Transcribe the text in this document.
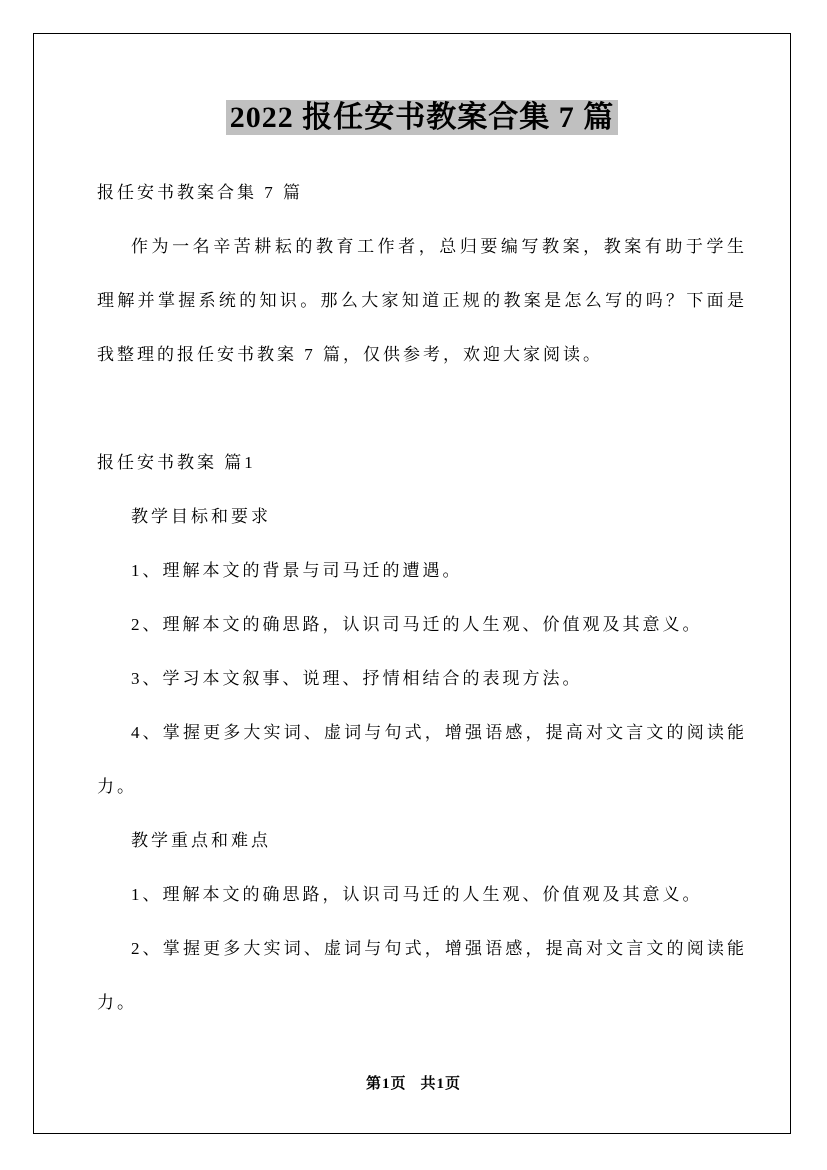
2022 报任安书教案合集 7 篇

报任安书教案合集 7 篇

作为一名辛苦耕耘的教育工作者，总归要编写教案，教案有助于学生理解并掌握系统的知识。那么大家知道正规的教案是怎么写的吗？下面是我整理的报任安书教案 7 篇，仅供参考，欢迎大家阅读。

报任安书教案 篇1

教学目标和要求

1、理解本文的背景与司马迁的遭遇。

2、理解本文的确思路，认识司马迁的人生观、价值观及其意义。

3、学习本文叙事、说理、抒情相结合的表现方法。

4、掌握更多大实词、虚词与句式，增强语感，提高对文言文的阅读能力。

教学重点和难点

1、理解本文的确思路，认识司马迁的人生观、价值观及其意义。

2、掌握更多大实词、虚词与句式，增强语感，提高对文言文的阅读能力。

第1页 共1页
